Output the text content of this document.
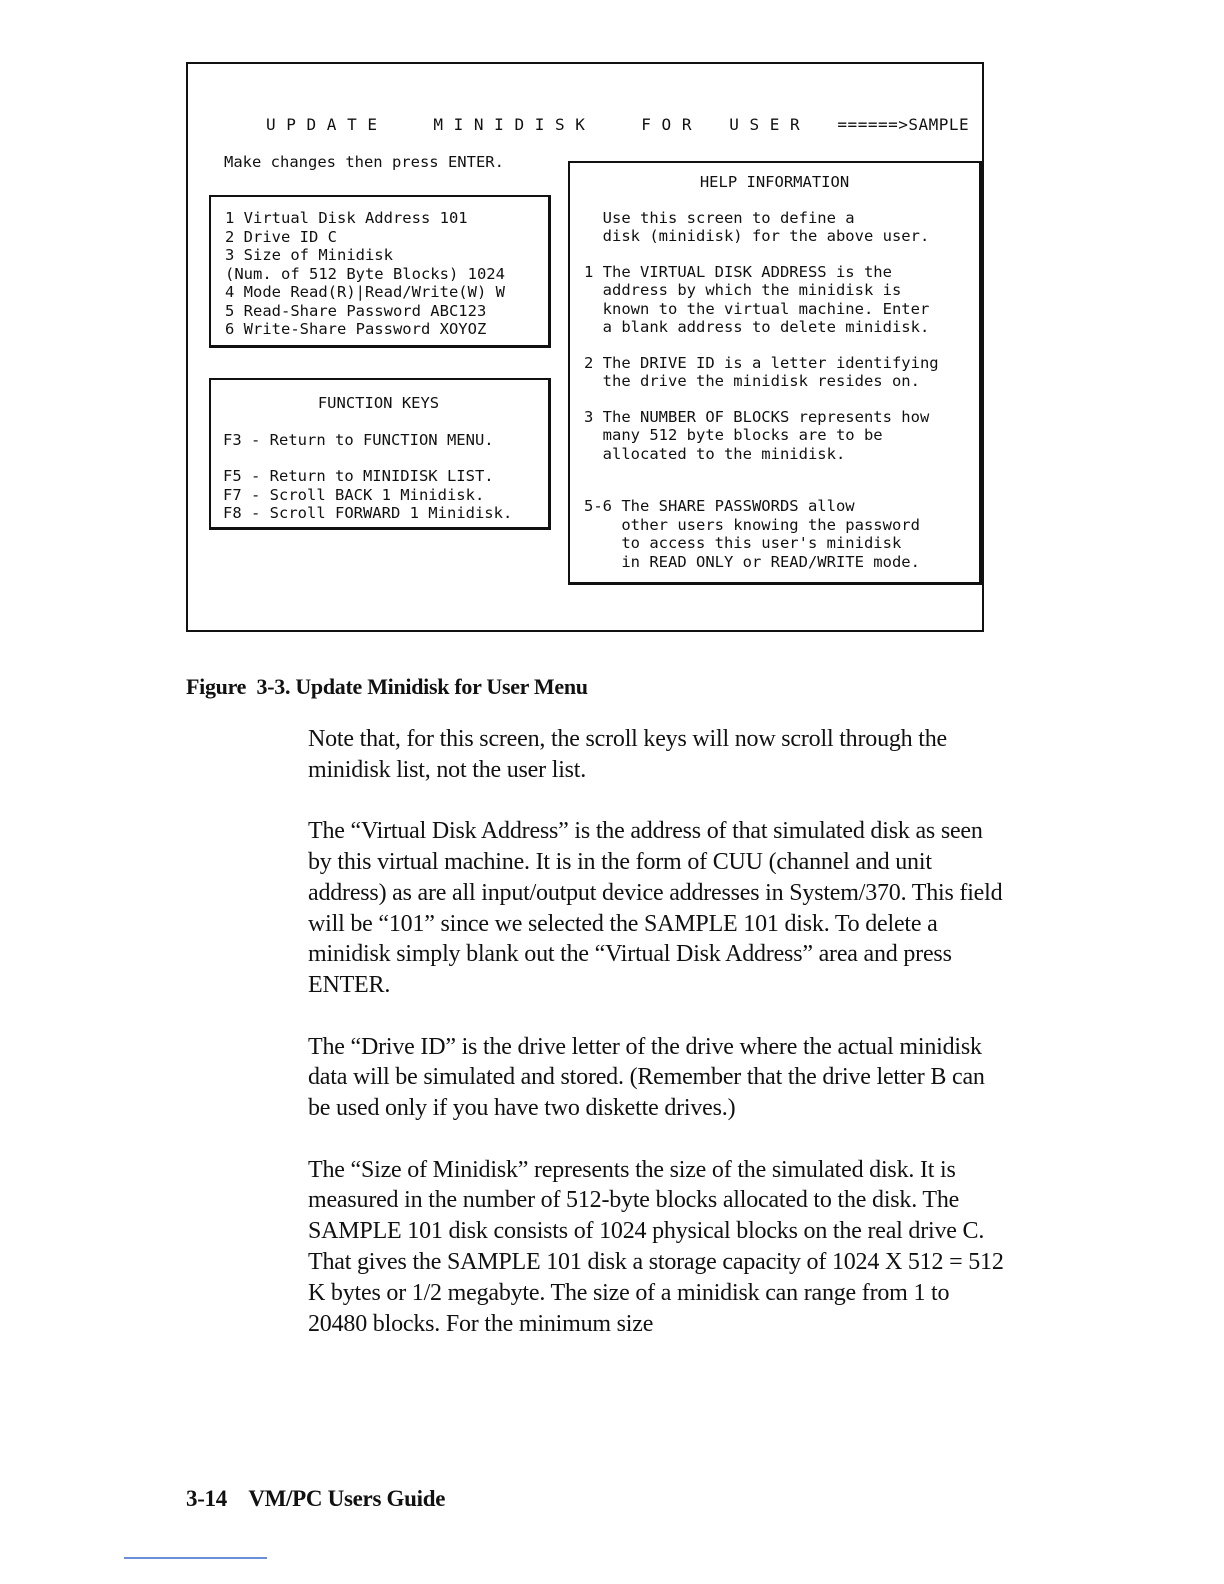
U P D A T E	M I N I D I S K	F O R U S E R ======>SAMPLE
Make changes then press ENTER.
1 Virtual Disk Address 101
2 Drive ID C
3 Size of Minidisk
(Num. of 512 Byte Blocks) 1024
4 Mode Read(R)|Read/Write(W) W
5 Read-Share Password ABC123
6 Write-Share Password XOYOZ
FUNCTION KEYS
F3 - Return to FUNCTION MENU.
F5 - Return to MINIDISK LIST.
F7 - Scroll BACK 1 Minidisk.
F8 - Scroll FORWARD 1 Minidisk.
HELP INFORMATION
Use this screen to define a
disk (minidisk) for the above user.
1 The VIRTUAL DISK ADDRESS is the
address by which the minidisk is
known to the virtual machine. Enter
a blank address to delete minidisk.
2 The DRIVE ID is a letter identifying
the drive the minidisk resides on.
3 The NUMBER OF BLOCKS represents how
many 512 byte blocks are to be
allocated to the minidisk.
5-6 The SHARE PASSWORDS allow
other users knowing the password
to access this user's minidisk
in READ ONLY or READ/WRITE mode.
Figure  3-3. Update Minidisk for User Menu

Note that, for this screen, the scroll keys will now scroll through the minidisk list, not the user list.

The “Virtual Disk Address” is the address of that simulated disk as seen by this virtual machine. It is in the form of CUU (channel and unit address) as are all input/output device addresses in System/370. This field will be “101” since we selected the SAMPLE 101 disk. To delete a minidisk simply blank out the “Virtual Disk Address” area and press ENTER.

The “Drive ID” is the drive letter of the drive where the actual minidisk data will be simulated and stored. (Remember that the drive letter B can be used only if you have two diskette drives.)

The “Size of Minidisk” represents the size of the simulated disk. It is measured in the number of 512-byte blocks allocated to the disk. The SAMPLE 101 disk consists of 1024 physical blocks on the real drive C. That gives the SAMPLE 101 disk a storage capacity of 1024 X 512 = 512 K bytes or 1/2 megabyte. The size of a minidisk can range from 1 to 20480 blocks. For the minimum size

3-14    VM/PC Users Guide
